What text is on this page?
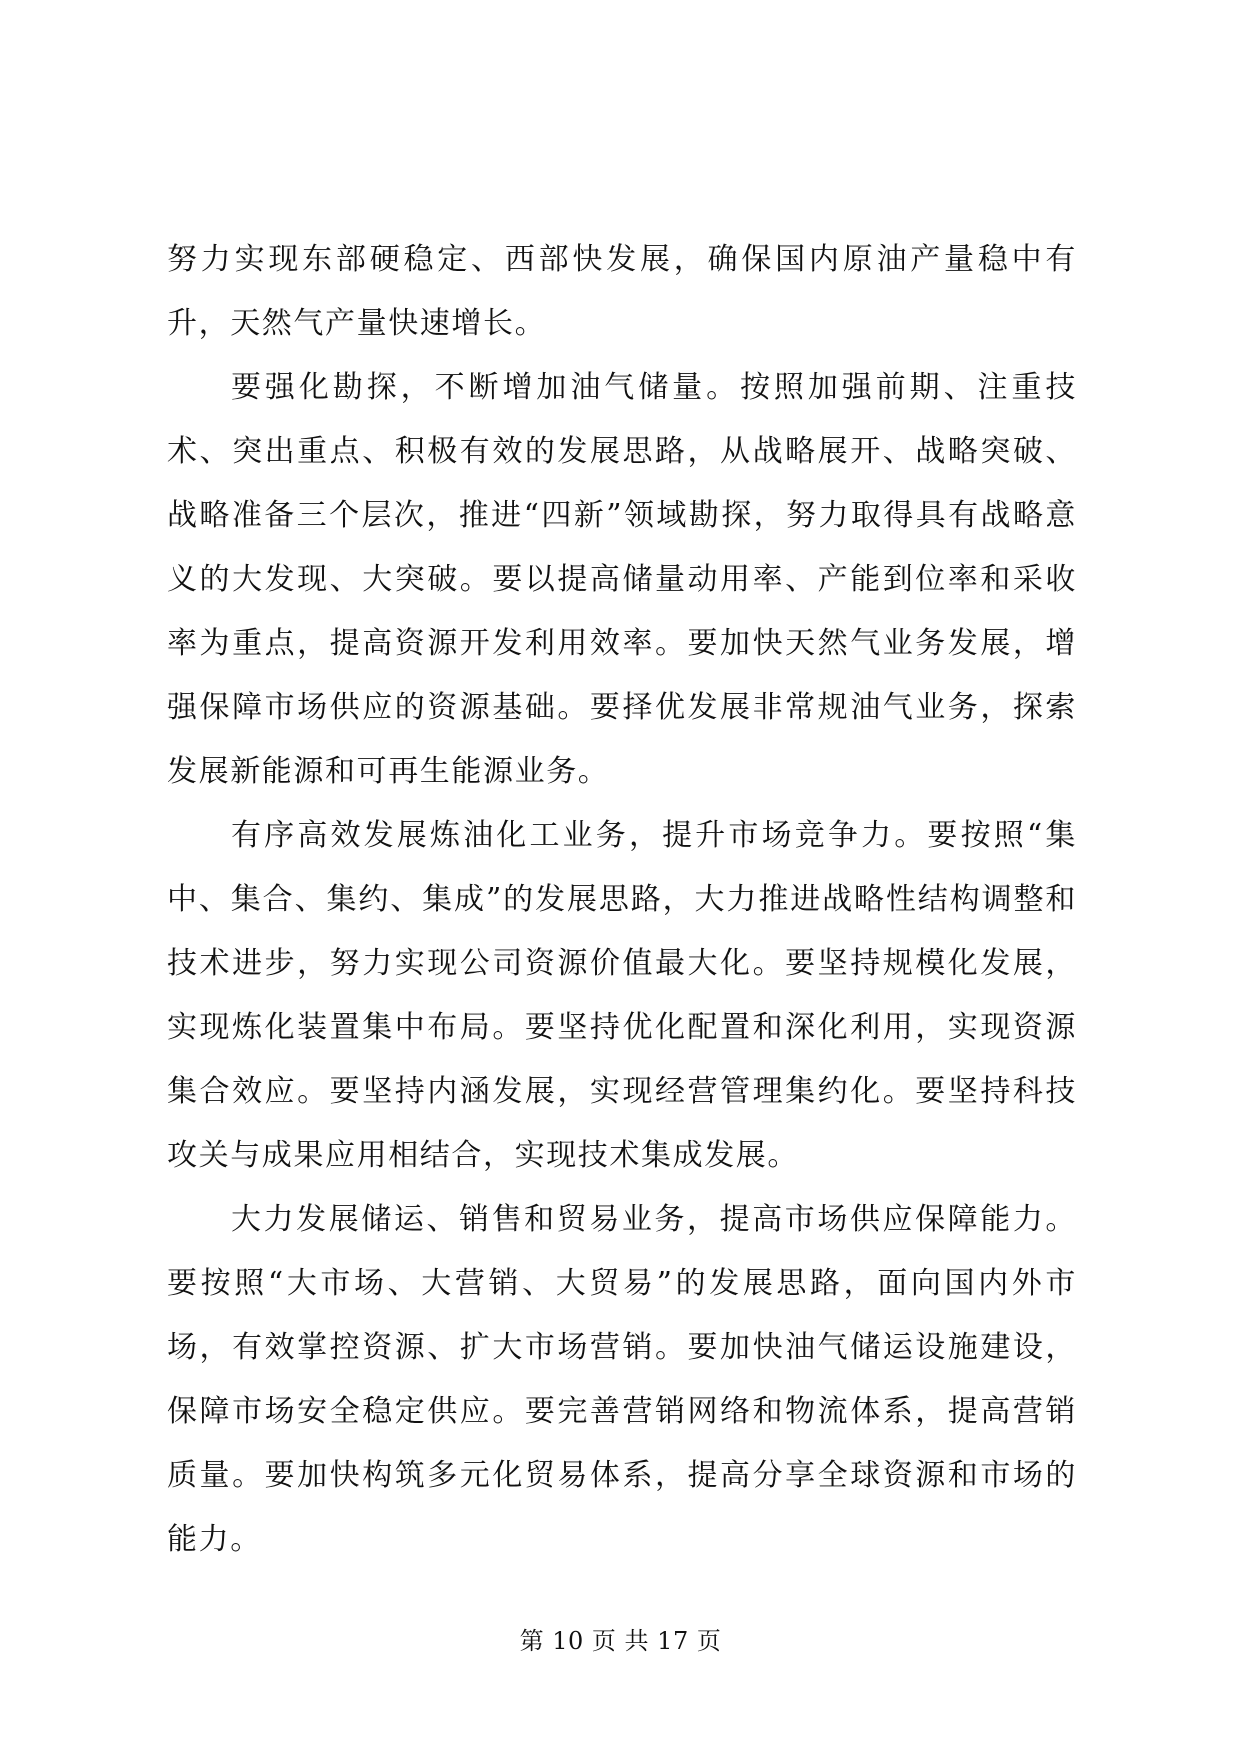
努力实现东部硬稳定、西部快发展，确保国内原油产量稳中有升，天然气产量快速增长。

要强化勘探，不断增加油气储量。按照加强前期、注重技术、突出重点、积极有效的发展思路，从战略展开、战略突破、战略准备三个层次，推进“四新”领域勘探，努力取得具有战略意义的大发现、大突破。要以提高储量动用率、产能到位率和采收率为重点，提高资源开发利用效率。要加快天然气业务发展，增强保障市场供应的资源基础。要择优发展非常规油气业务，探索发展新能源和可再生能源业务。

有序高效发展炼油化工业务，提升市场竞争力。要按照“集中、集合、集约、集成”的发展思路，大力推进战略性结构调整和技术进步，努力实现公司资源价值最大化。要坚持规模化发展，实现炼化装置集中布局。要坚持优化配置和深化利用，实现资源集合效应。要坚持内涵发展，实现经营管理集约化。要坚持科技攻关与成果应用相结合，实现技术集成发展。

大力发展储运、销售和贸易业务，提高市场供应保障能力。要按照“大市场、大营销、大贸易”的发展思路，面向国内外市场，有效掌控资源、扩大市场营销。要加快油气储运设施建设，保障市场安全稳定供应。要完善营销网络和物流体系，提高营销质量。要加快构筑多元化贸易体系，提高分享全球资源和市场的能力。

第 10 页 共 17 页
